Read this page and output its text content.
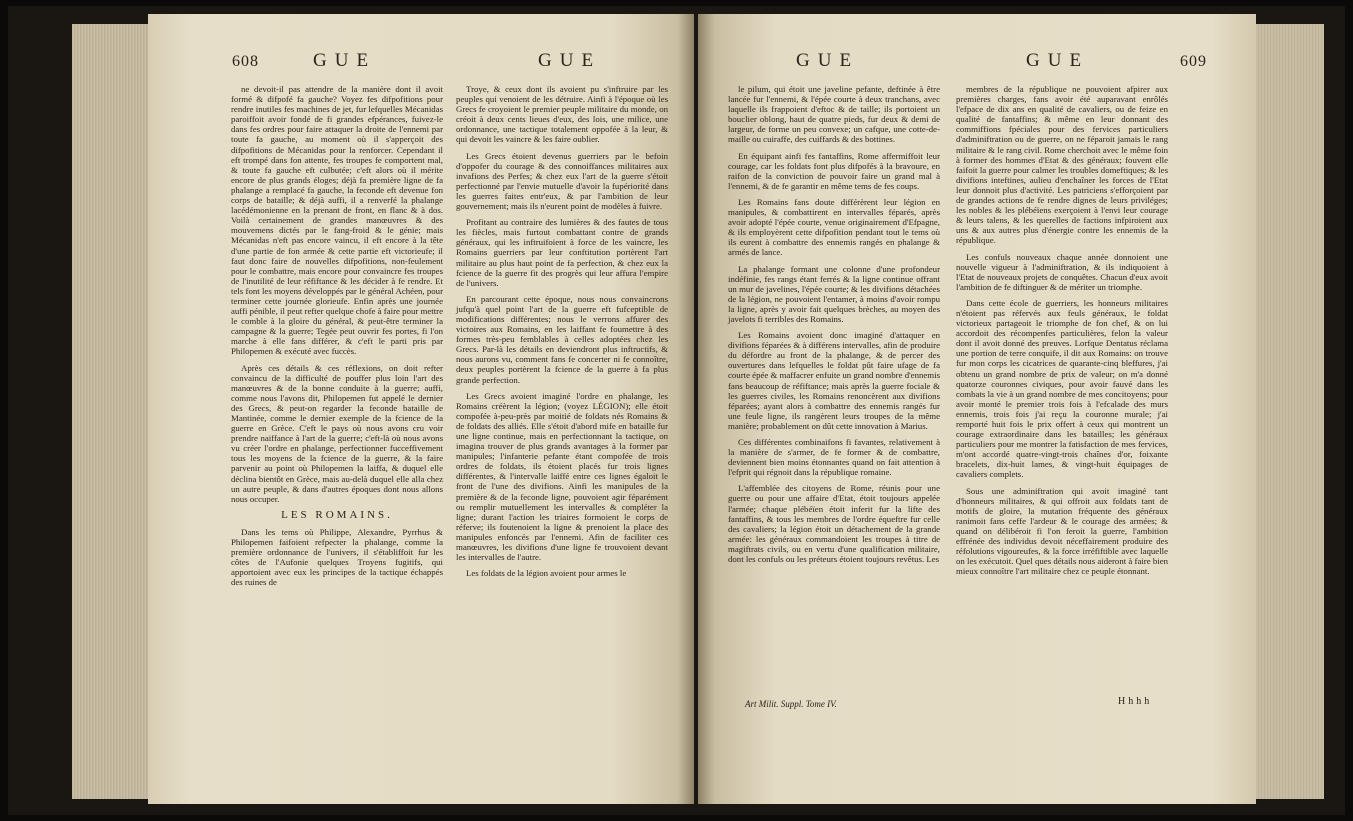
608	GUE	GUE

ne devoit-il pas attendre de la manière dont il avoit formé & difpofé fa gauche? Voyez fes difpofitions pour rendre inutiles fes machines de jet, fur lefquelles Mécanidas paroiffoit avoir fondé de fi grandes efpérances, fuivez-le dans fes ordres pour faire attaquer la droite de l'ennemi par toute fa gauche, au moment où il s'apperçoit des difpofitions de Mécanidas pour la renforcer. Cependant il eft trompé dans fon attente, fes troupes fe comportent mal, & toute fa gauche eft culbutée; c'eft alors où il mérite encore de plus grands éloges; déjà fa première ligne de fa phalange a remplacé fa gauche, la feconde eft devenue fon corps de bataille; & déjà auffi, il a renverfé la phalange lacédémonienne en la prenant de front, en flanc & à dos. Voilà certainement de grandes manœuvres & des mouvemens dictés par le fang-froid & le génie; mais Mécanidas n'eft pas encore vaincu, il eft encore à la tête d'une partie de fon armée & cette partie eft victorieufe; il faut donc faire de nouvelles difpofitions, non-feulement pour le combattre, mais encore pour convaincre fes troupes de l'inutilité de leur réfiftance & les décider à fe rendre. Et tels font les moyens développés par le général Achéen, pour terminer cette journée glorieufe. Enfin après une journée auffi pénible, il peut refter quelque chofe à faire pour mettre le comble à la gloire du général, & peut-être terminer la campagne & la guerre; Tegée peut ouvrir fes portes, fi l'on marche à elle fans différer, & c'eft le parti pris par Philopemen & exécuté avec fuccès.

Après ces détails & ces réflexions, on doit refter convaincu de la difficulté de pouffer plus loin l'art des manœuvres & de la bonne conduite à la guerre; auffi, comme nous l'avons dit, Philopemen fut appelé le dernier des Grecs, & peut-on regarder la feconde bataille de Mantinée, comme le dernier exemple de la fcience de la guerre en Grèce. C'eft le pays où nous avons cru voir prendre naiffance à l'art de la guerre; c'eft-là où nous avons vu créer l'ordre en phalange, perfectionner fucceffivement tous les moyens de la fcience de la guerre, & la faire parvenir au point où Philopemen la laiffa, & duquel elle déclina bientôt en Grèce, mais au-delà duquel elle alla chez un autre peuple, & dans d'autres époques dont nous allons nous occuper.

LES ROMAINS.

Dans les tems où Philippe, Alexandre, Pyrrhus & Philopemen faifoient refpecter la phalange, comme la première ordonnance de l'univers, il s'établiffoit fur les côtes de l'Aufonie quelques Troyens fugitifs, qui apportoient avec eux les principes de la tactique échappés des ruines de

Troye, & ceux dont ils avoient pu s'inftruire par les peuples qui venoient de les détruire. Ainfi à l'époque où les Grecs fe croyoient le premier peuple militaire du monde, on créoit à deux cents lieues d'eux, des lois, une milice, une ordonnance, une tactique totalement oppofée à la leur, & qui devoit les vaincre & les faire oublier.

Les Grecs étoient devenus guerriers par le befoin d'oppofer du courage & des connoiffances militaires aux invafions des Perfes; & chez eux l'art de la guerre s'étoit perfectionné par l'envie mutuelle d'avoir la fupériorité dans les guerres faites entr'eux, & par l'ambition de leur gouvernement; mais ils n'eurent point de modèles à fuivre.

Profitant au contraire des lumières & des fautes de tous les fiècles, mais furtout combattant contre de grands généraux, qui les inftruifoient à force de les vaincre, les Romains guerriers par leur conftitution portèrent l'art militaire au plus haut point de fa perfection, & chez eux la fcience de la guerre fit des progrès qui leur affura l'empire de l'univers.

En parcourant cette époque, nous nous convaincrons jufqu'à quel point l'art de la guerre eft fufceptible de modifications différentes; nous le verrons affurer des victoires aux Romains, en les laiffant fe foumettre à des formes très-peu femblables à celles adoptées chez les Grecs. Par-là les détails en deviendront plus inftructifs, & nous aurons vu, comment fans fe concerter ni fe connoître, deux peuples portèrent la fcience de la guerre à fa plus grande perfection.

Les Grecs avoient imaginé l'ordre en phalange, les Romains créèrent la légion; (voyez LÉGION); elle étoit compofée à-peu-près par moitié de foldats nés Romains & de foldats des alliés. Elle s'étoit d'abord mife en bataille fur une ligne continue, mais en perfectionnant la tactique, on imagina trouver de plus grands avantages à la former par manipules; l'infanterie pefante étant compofée de trois ordres de foldats, ils étoient placés fur trois lignes différentes, & l'intervalle laiffé entre ces lignes égaloit le front de l'une des divifions. Ainfi les manipules de la première & de la feconde ligne, pouvoient agir féparément ou remplir mutuellement les intervalles & compléter la ligne; durant l'action les triaires formoient le corps de réferve; ils foutenoient la ligne & prenoient la place des manipules enfoncés par l'ennemi. Afin de faciliter ces manœuvres, les divifions d'une ligne fe trouvoient devant les intervalles de l'autre.

Les foldats de la légion avoient pour armes le

GUE	GUE	609

le pilum, qui étoit une javeline pefante, deftinée à être lancée fur l'ennemi, & l'épée courte à deux tranchans, avec laquelle ils frappoient d'eftoc & de taille; ils portoient un bouclier oblong, haut de quatre pieds, fur deux & demi de largeur, de forme un peu convexe; un cafque, une cotte-de-maille ou cuiraffe, des cuiffards & des bottines.

En équipant ainfi fes fantaffins, Rome affermiffoit leur courage, car les foldats font plus difpofés à la bravoure, en raifon de la conviction de pouvoir faire un grand mal à l'ennemi, & de fe garantir en même tems de fes coups.

Les Romains fans doute différèrent leur légion en manipules, & combattirent en intervalles féparés, après avoir adopté l'épée courte, venue originairement d'Efpagne, & ils employèrent cette difpofition pendant tout le tems où ils eurent à combattre des ennemis rangés en phalange & armés de lance.

La phalange formant une colonne d'une profondeur indéfinie, fes rangs étant ferrés & la ligne continue offrant un mur de javelines, l'épée courte; & les divifions détachées de la légion, ne pouvoient l'entamer, à moins d'avoir rompu la ligne, après y avoir fait quelques brèches, au moyen des javelots fi terribles des Romains.

Les Romains avoient donc imaginé d'attaquer en divifions féparées & à différens intervalles, afin de produire du défordre au front de la phalange, & de percer des ouvertures dans lefquelles le foldat pût faire ufage de fa courte épée & maffacrer enfuite un grand nombre d'ennemis fans beaucoup de réfiftance; mais après la guerre fociale & les guerres civiles, les Romains renoncèrent aux divifions féparées; ayant alors à combattre des ennemis rangés fur une feule ligne, ils rangèrent leurs troupes de la même manière; probablement on dût cette innovation à Marius.

Ces différentes combinaifons fi favantes, relativement à la manière de s'armer, de fe former & de combattre, deviennent bien moins étonnantes quand on fait attention à l'efprit qui régnoit dans la république romaine.

L'affemblée des citoyens de Rome, réunis pour une guerre ou pour une affaire d'Etat, étoit toujours appelée l'armée; chaque plébéïen étoit inferit fur la lifte des fantaffins, & tous les membres de l'ordre équeftre fur celle des cavaliers; la légion étoit un détachement de la grande armée: les généraux commandoient les troupes à titre de magiftrats civils, ou en vertu d'une qualification militaire, dont les confuls ou les préteurs étoient toujours revêtus. Les

membres de la république ne pouvoient afpirer aux premières charges, fans avoir été auparavant enrôlés l'efpace de dix ans en qualité de cavaliers, ou de feize en qualité de fantaffins; & même en leur donnant des commiffions fpéciales pour des fervices particuliers d'adminiftration ou de guerre, on ne féparoit jamais le rang militaire & le rang civil. Rome cherchoit avec le même foin à former des hommes d'Etat & des généraux; fouvent elle faifoit la guerre pour calmer les troubles domeftiques; & les divifions inteftines, aulieu d'enchaîner les forces de l'Etat leur donnoit plus d'activité. Les patriciens s'efforçoient par de grandes actions de fe rendre dignes de leurs priviléges; les nobles & les plébéïens exerçoient à l'envi leur courage & leurs talens, & les querelles de factions infpiroient aux uns & aux autres plus d'énergie contre les ennemis de la république.

Les confuls nouveaux chaque année donnoient une nouvelle vigueur à l'adminiftration, & ils indiquoient à l'Etat de nouveaux projets de conquêtes. Chacun d'eux avoit l'ambition de fe diftinguer & de mériter un triomphe.

Dans cette école de guerriers, les honneurs militaires n'étoient pas réfervés aux feuls généraux, le foldat victorieux partageoit le triomphe de fon chef, & on lui accordoit des récompenfes particulières, felon la valeur dont il avoit donné des preuves. Lorfque Dentatus réclama une portion de terre conquife, il dit aux Romains: on trouve fur mon corps les cicatrices de quarante-cinq bleffures, j'ai obtenu un grand nombre de prix de valeur; on m'a donné quatorze couronnes civiques, pour avoir fauvé dans les combats la vie à un grand nombre de mes concitoyens; pour avoir monté le premier trois fois à l'efcalade des murs ennemis, trois fois j'ai reçu la couronne murale; j'ai remporté huit fois le prix offert à ceux qui montrent un courage extraordinaire dans les batailles; les généraux particuliers pour me montrer la fatisfaction de mes fervices, m'ont accordé quatre-vingt-trois chaînes d'or, foixante bracelets, dix-huit lames, & vingt-huit équipages de cavaliers complets.

Sous une adminiftration qui avoit imaginé tant d'honneurs militaires, & qui offroit aux foldats tant de motifs de gloire, la mutation fréquente des généraux ranimoit fans ceffe l'ardeur & le courage des armées; & quand on délibéroit fi l'on feroit la guerre, l'ambition effrénée des individus devoit néceffairement produire des réfolutions vigoureufes, & la force irréfiftible avec laquelle on les exécutoit. Quel ques détails nous aideront à faire bien mieux connoître l'art militaire chez ce peuple étonnant.

Art Milit. Suppl. Tome IV.	Hhhh
